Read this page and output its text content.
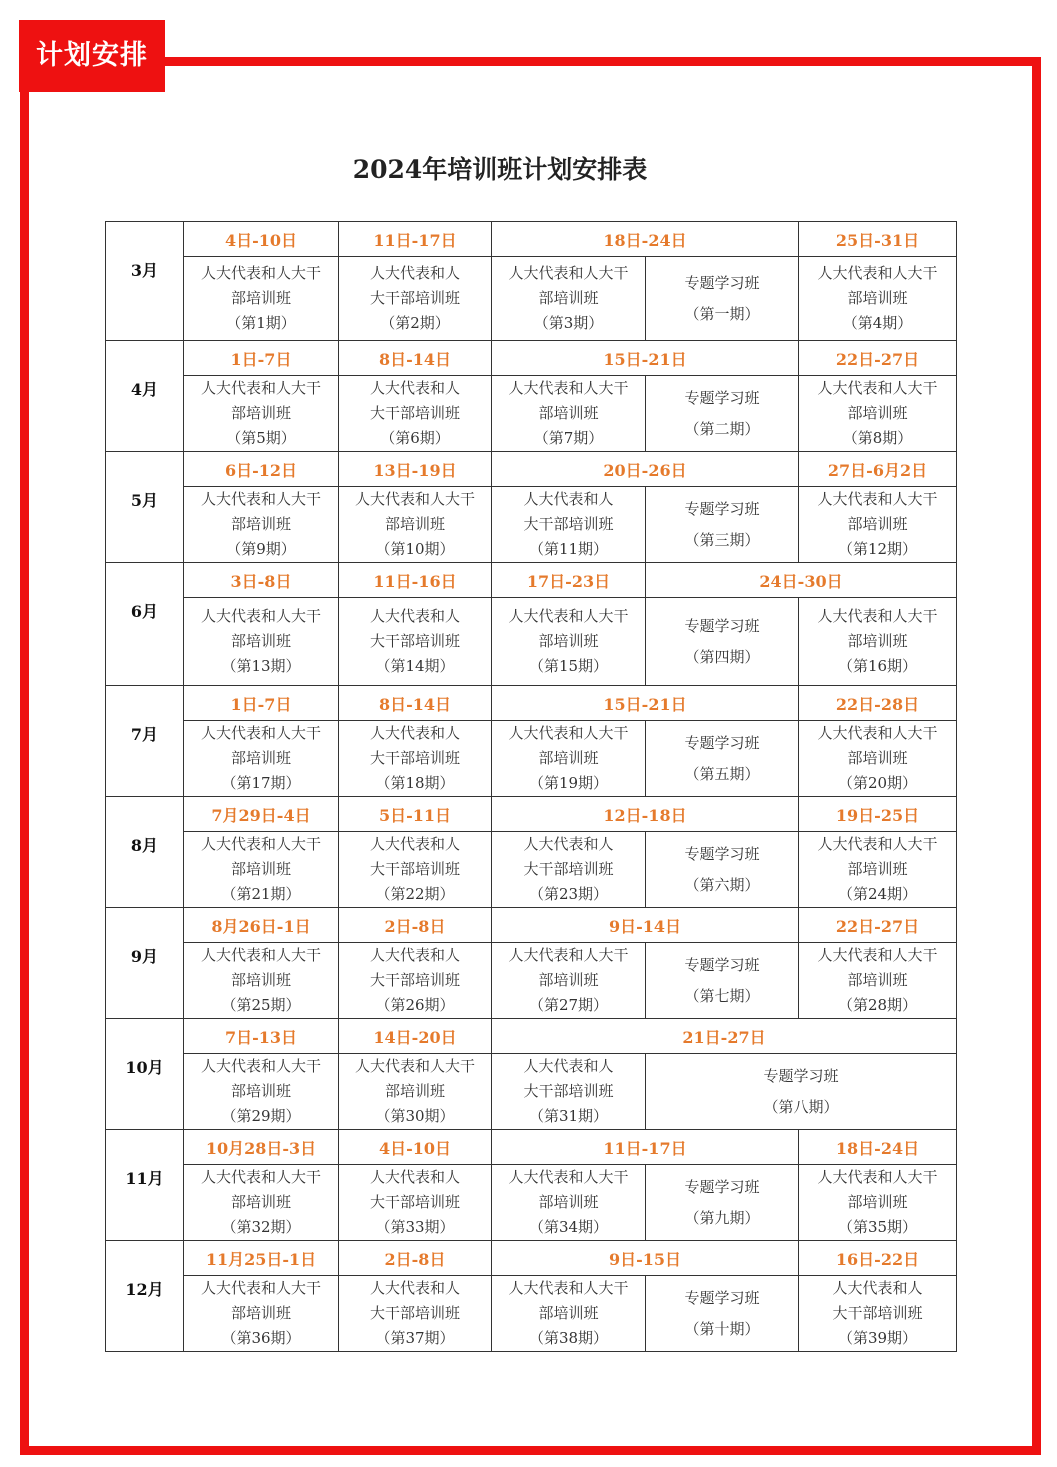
计划安排
2024年培训班计划安排表
3月	4日-10日	11日-17日	18日-24日		25日-31日

	人大代表和人大干
部培训班
（第1期）	人大代表和人
大干部培训班
（第2期）	人大代表和人大干
部培训班
（第3期）	专题学习班
（第一期）	人大代表和人大干
部培训班
（第4期）

4月	1日-7日	8日-14日	15日-21日		22日-27日

	人大代表和人大干
部培训班
（第5期）	人大代表和人
大干部培训班
（第6期）	人大代表和人大干
部培训班
（第7期）	专题学习班
（第二期）	人大代表和人大干
部培训班
（第8期）

5月	6日-12日	13日-19日	20日-26日		27日-6月2日

	人大代表和人大干
部培训班
（第9期）	人大代表和人大干
部培训班
（第10期）	人大代表和人
大干部培训班
（第11期）	专题学习班
（第三期）	人大代表和人大干
部培训班
（第12期）

6月	3日-8日	11日-16日	17日-23日	24日-30日	

	人大代表和人大干
部培训班
（第13期）	人大代表和人
大干部培训班
（第14期）	人大代表和人大干
部培训班
（第15期）	专题学习班
（第四期）	人大代表和人大干
部培训班
（第16期）

7月	1日-7日	8日-14日	15日-21日		22日-28日

	人大代表和人大干
部培训班
（第17期）	人大代表和人
大干部培训班
（第18期）	人大代表和人大干
部培训班
（第19期）	专题学习班
（第五期）	人大代表和人大干
部培训班
（第20期）

8月	7月29日-4日	5日-11日	12日-18日		19日-25日

	人大代表和人大干
部培训班
（第21期）	人大代表和人
大干部培训班
（第22期）	人大代表和人
大干部培训班
（第23期）	专题学习班
（第六期）	人大代表和人大干
部培训班
（第24期）

9月	8月26日-1日	2日-8日	9日-14日		22日-27日

	人大代表和人大干
部培训班
（第25期）	人大代表和人
大干部培训班
（第26期）	人大代表和人大干
部培训班
（第27期）	专题学习班
（第七期）	人大代表和人大干
部培训班
（第28期）

10月	7日-13日	14日-20日	21日-27日		

	人大代表和人大干
部培训班
（第29期）	人大代表和人大干
部培训班
（第30期）	人大代表和人
大干部培训班
（第31期）	专题学习班
（第八期）	

11月	10月28日-3日	4日-10日	11日-17日		18日-24日

	人大代表和人大干
部培训班
（第32期）	人大代表和人
大干部培训班
（第33期）	人大代表和人大干
部培训班
（第34期）	专题学习班
（第九期）	人大代表和人大干
部培训班
（第35期）

12月	11月25日-1日	2日-8日	9日-15日		16日-22日

	人大代表和人大干
部培训班
（第36期）	人大代表和人
大干部培训班
（第37期）	人大代表和人大干
部培训班
（第38期）	专题学习班
（第十期）	人大代表和人
大干部培训班
（第39期）
